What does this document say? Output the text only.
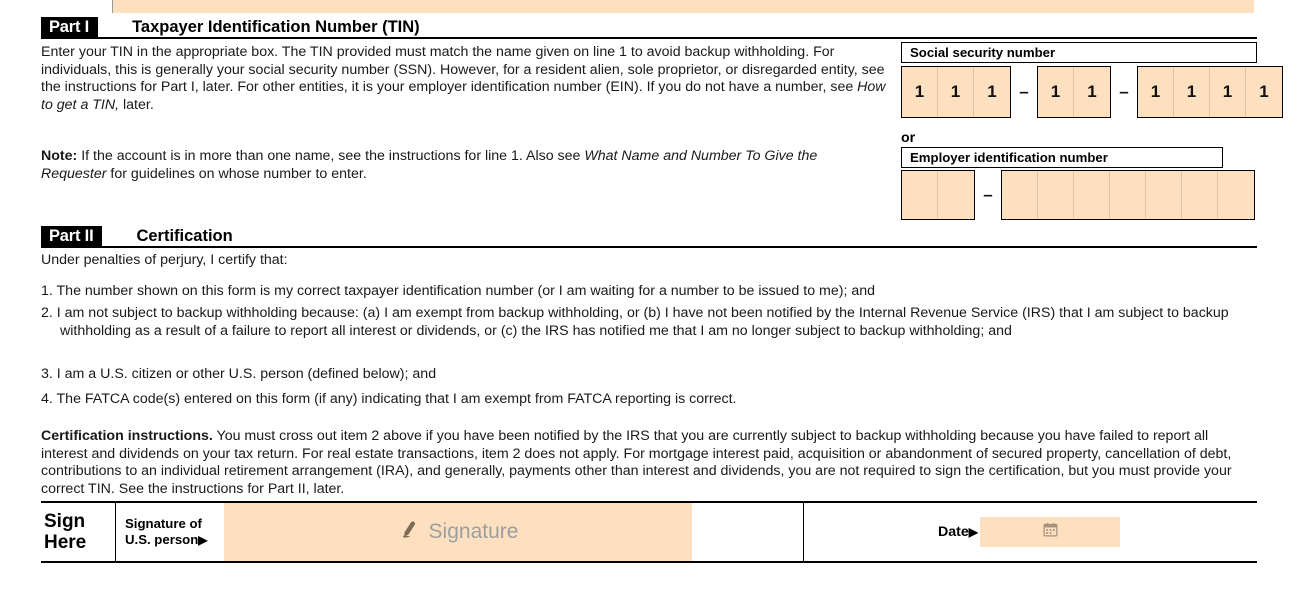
Part I	Taxpayer Identification Number (TIN)
Enter your TIN in the appropriate box. The TIN provided must match the name given on line 1 to avoid backup withholding. For individuals, this is generally your social security number (SSN). However, for a resident alien, sole proprietor, or disregarded entity, see the instructions for Part I, later. For other entities, it is your employer identification number (EIN). If you do not have a number, see How to get a TIN, later.
Note: If the account is in more than one name, see the instructions for line 1. Also see What Name and Number To Give the Requester for guidelines on whose number to enter.
Social security number
1	1	1	–	1	1	–	1	1	1	1
or
Employer identification number
–
Part II	Certification
Under penalties of perjury, I certify that:
1. The number shown on this form is my correct taxpayer identification number (or I am waiting for a number to be issued to me); and
2. I am not subject to backup withholding because: (a) I am exempt from backup withholding, or (b) I have not been notified by the Internal Revenue Service (IRS) that I am subject to backup withholding as a result of a failure to report all interest or dividends, or (c) the IRS has notified me that I am no longer subject to backup withholding; and
3. I am a U.S. citizen or other U.S. person (defined below); and
4. The FATCA code(s) entered on this form (if any) indicating that I am exempt from FATCA reporting is correct.
Certification instructions. You must cross out item 2 above if you have been notified by the IRS that you are currently subject to backup withholding because you have failed to report all interest and dividends on your tax return. For real estate transactions, item 2 does not apply. For mortgage interest paid, acquisition or abandonment of secured property, cancellation of debt, contributions to an individual retirement arrangement (IRA), and generally, payments other than interest and dividends, you are not required to sign the certification, but you must provide your correct TIN. See the instructions for Part II, later.
Sign
Here
Signature of
U.S. person▶	Signature	Date▶
